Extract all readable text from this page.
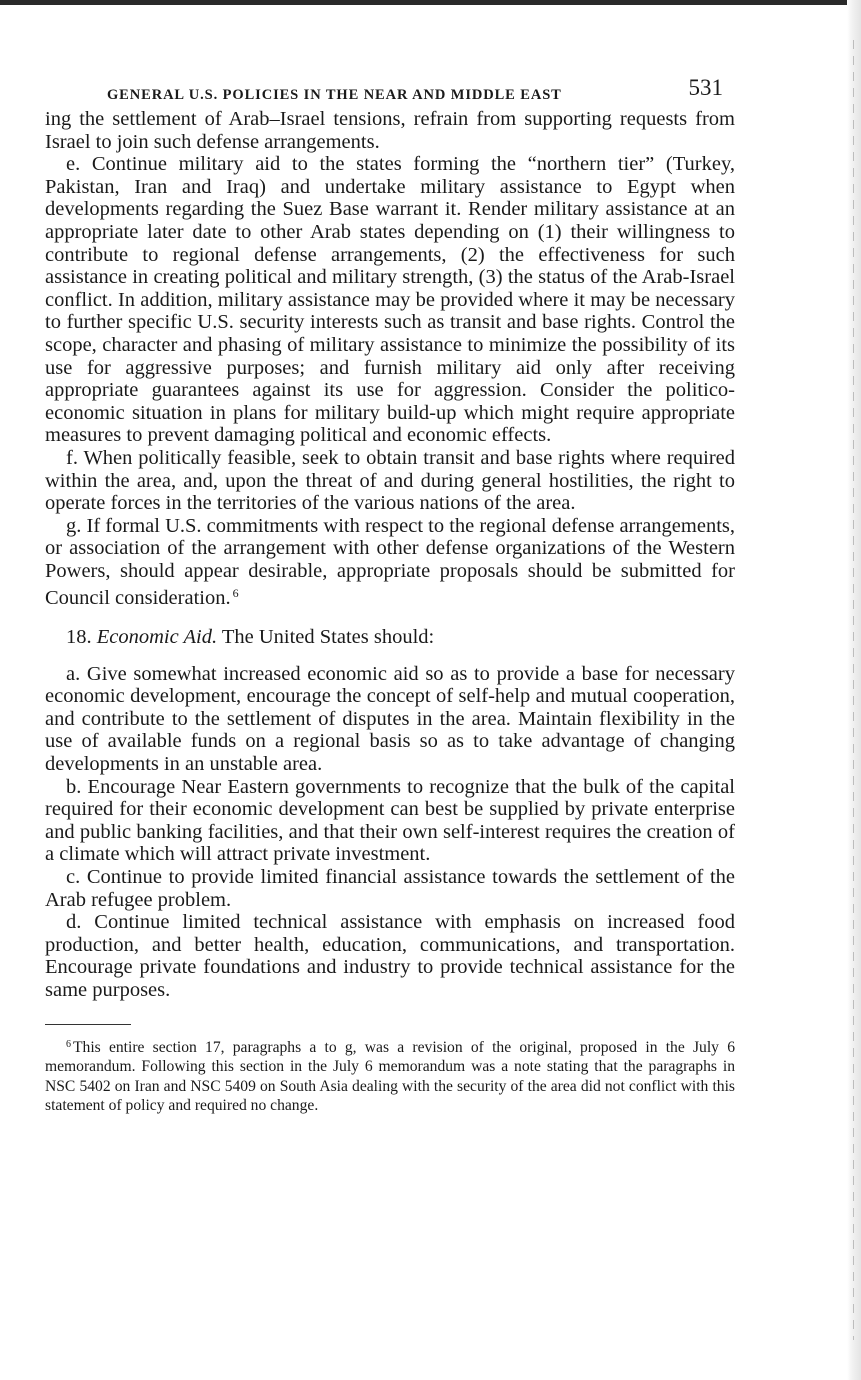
GENERAL U.S. POLICIES IN THE NEAR AND MIDDLE EAST	531

ing the settlement of Arab–Israel tensions, refrain from supporting requests from Israel to join such defense arrangements.

e. Continue military aid to the states forming the “northern tier” (Turkey, Pakistan, Iran and Iraq) and undertake military assistance to Egypt when developments regarding the Suez Base warrant it. Render military assistance at an appropriate later date to other Arab states depending on (1) their willingness to contribute to regional defense arrangements, (2) the effectiveness for such assistance in creating political and military strength, (3) the status of the Arab-Israel conflict. In addition, military assistance may be provided where it may be necessary to further specific U.S. security interests such as transit and base rights. Control the scope, character and phasing of military assistance to minimize the possibility of its use for aggressive purposes; and furnish military aid only after receiving appropriate guarantees against its use for aggression. Consider the politico-economic situation in plans for military build-up which might require appropriate measures to prevent damaging political and economic effects.

f. When politically feasible, seek to obtain transit and base rights where required within the area, and, upon the threat of and during general hostilities, the right to operate forces in the territories of the various nations of the area.

g. If formal U.S. commitments with respect to the regional defense arrangements, or association of the arrangement with other defense organizations of the Western Powers, should appear desirable, appropriate proposals should be submitted for Council consideration. $^6$

18. Economic Aid. The United States should:

a. Give somewhat increased economic aid so as to provide a base for necessary economic development, encourage the concept of self-help and mutual cooperation, and contribute to the settlement of disputes in the area. Maintain flexibility in the use of available funds on a regional basis so as to take advantage of changing developments in an unstable area.

b. Encourage Near Eastern governments to recognize that the bulk of the capital required for their economic development can best be supplied by private enterprise and public banking facilities, and that their own self-interest requires the creation of a climate which will attract private investment.

c. Continue to provide limited financial assistance towards the settlement of the Arab refugee problem.

d. Continue limited technical assistance with emphasis on increased food production, and better health, education, communications, and transportation. Encourage private foundations and industry to provide technical assistance for the same purposes.

$^6$ This entire section 17, paragraphs a to g, was a revision of the original, proposed in the July 6 memorandum. Following this section in the July 6 memorandum was a note stating that the paragraphs in NSC 5402 on Iran and NSC 5409 on South Asia dealing with the security of the area did not conflict with this statement of policy and required no change.
